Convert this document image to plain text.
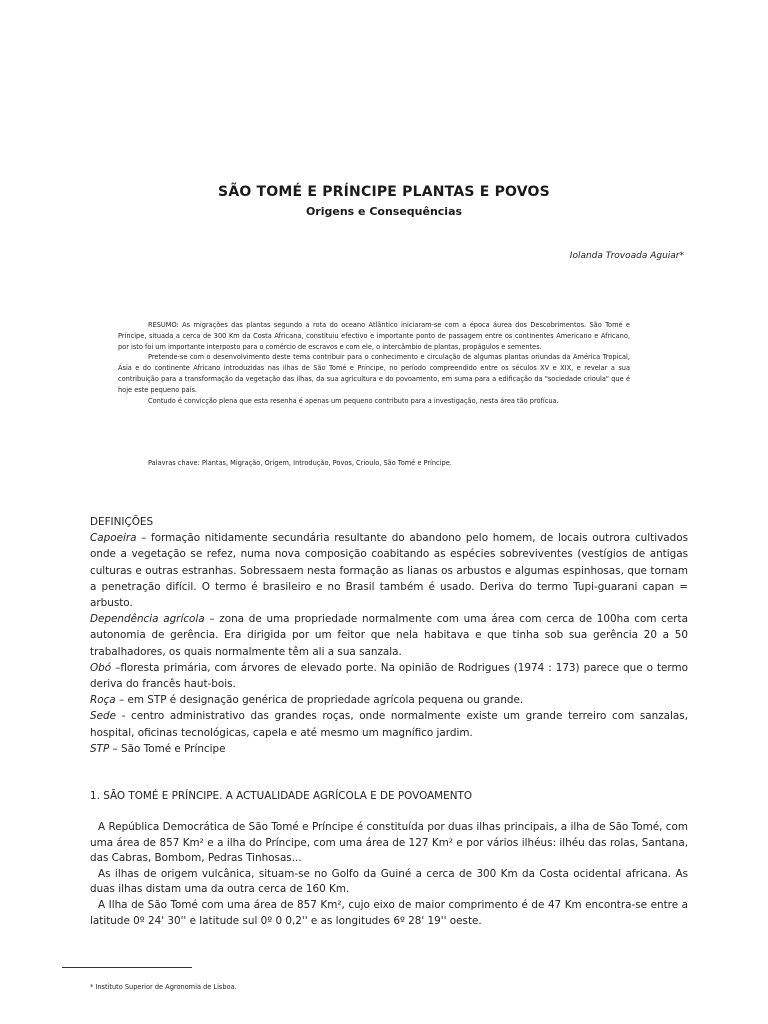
SÃO TOMÉ E PRÍNCIPE PLANTAS E POVOS
Origens e Consequências
Iolanda Trovoada Aguiar*

RESUMO: As migrações das plantas segundo a rota do oceano Atlântico iniciaram-se com a época áurea dos Descobrimentos. São Tomé e Príncipe, situada a cerca de 300 Km da Costa Africana, constituiu efectivo e importante ponto de passagem entre os continentes Americano e Africano, por isto foi um importante interposto para o comércio de escravos e com ele, o intercâmbio de plantas, propágulos e sementes.

Pretende-se com o desenvolvimento deste tema contribuir para o conhecimento e circulação de algumas plantas oriundas da América Tropical, Ásia e do continente Africano introduzidas nas ilhas de São Tomé e Príncipe, no período compreendido entre os séculos XV e XIX, e revelar a sua contribuição para a transformação da vegetação das ilhas, da sua agricultura e do povoamento, em suma para a edificação da "sociedade crioula" que é hoje este pequeno país.

Contudo é convicção plena que esta resenha é apenas um pequeno contributo para a investigação, nesta área tão profícua.

Palavras chave: Plantas, Migração, Origem, Introdução, Povos, Crioulo, São Tomé e Príncipe.

DEFINIÇÕES

Capoeira – formação nitidamente secundária resultante do abandono pelo homem, de locais outrora cultivados onde a vegetação se refez, numa nova composição coabitando as espécies sobreviventes (vestígios de antigas culturas e outras estranhas. Sobressaem nesta formação as lianas os arbustos e algumas espinhosas, que tornam a penetração difícil. O termo é brasileiro e no Brasil também é usado. Deriva do termo Tupi-guarani capan = arbusto.

Dependência agrícola – zona de uma propriedade normalmente com uma área com cerca de 100ha com certa autonomia de gerência. Era dirigida por um feitor que nela habitava e que tinha sob sua gerência 20 a 50 trabalhadores, os quais normalmente têm ali a sua sanzala.

Obó –floresta primária, com árvores de elevado porte. Na opinião de Rodrigues (1974 : 173) parece que o termo deriva do francês haut-bois.

Roça – em STP é designação genérica de propriedade agrícola pequena ou grande.

Sede - centro administrativo das grandes roças, onde normalmente existe um grande terreiro com sanzalas, hospital, oficinas tecnológicas, capela e até mesmo um magnífico jardim.

STP – São Tomé e Príncipe

1. SÃO TOMÉ E PRÍNCIPE. A ACTUALIDADE AGRÍCOLA E DE POVOAMENTO

A República Democrática de São Tomé e Príncipe é constituída por duas ilhas principais, a ilha de São Tomé, com uma área de 857 Km² e a ilha do Príncipe, com uma área de 127 Km² e por vários ilhéus: ilhéu das rolas, Santana, das Cabras, Bombom, Pedras Tinhosas...

As ilhas de origem vulcânica, situam-se no Golfo da Guiné a cerca de 300 Km da Costa ocidental africana. As duas ilhas distam uma da outra cerca de 160 Km.

A Ilha de São Tomé com uma área de 857 Km², cujo eixo de maior comprimento é de 47 Km encontra-se entre a latitude 0º 24' 30'' e latitude sul 0º 0 0,2'' e as longitudes 6º 28' 19'' oeste.

* Instituto Superior de Agronomia de Lisboa.
